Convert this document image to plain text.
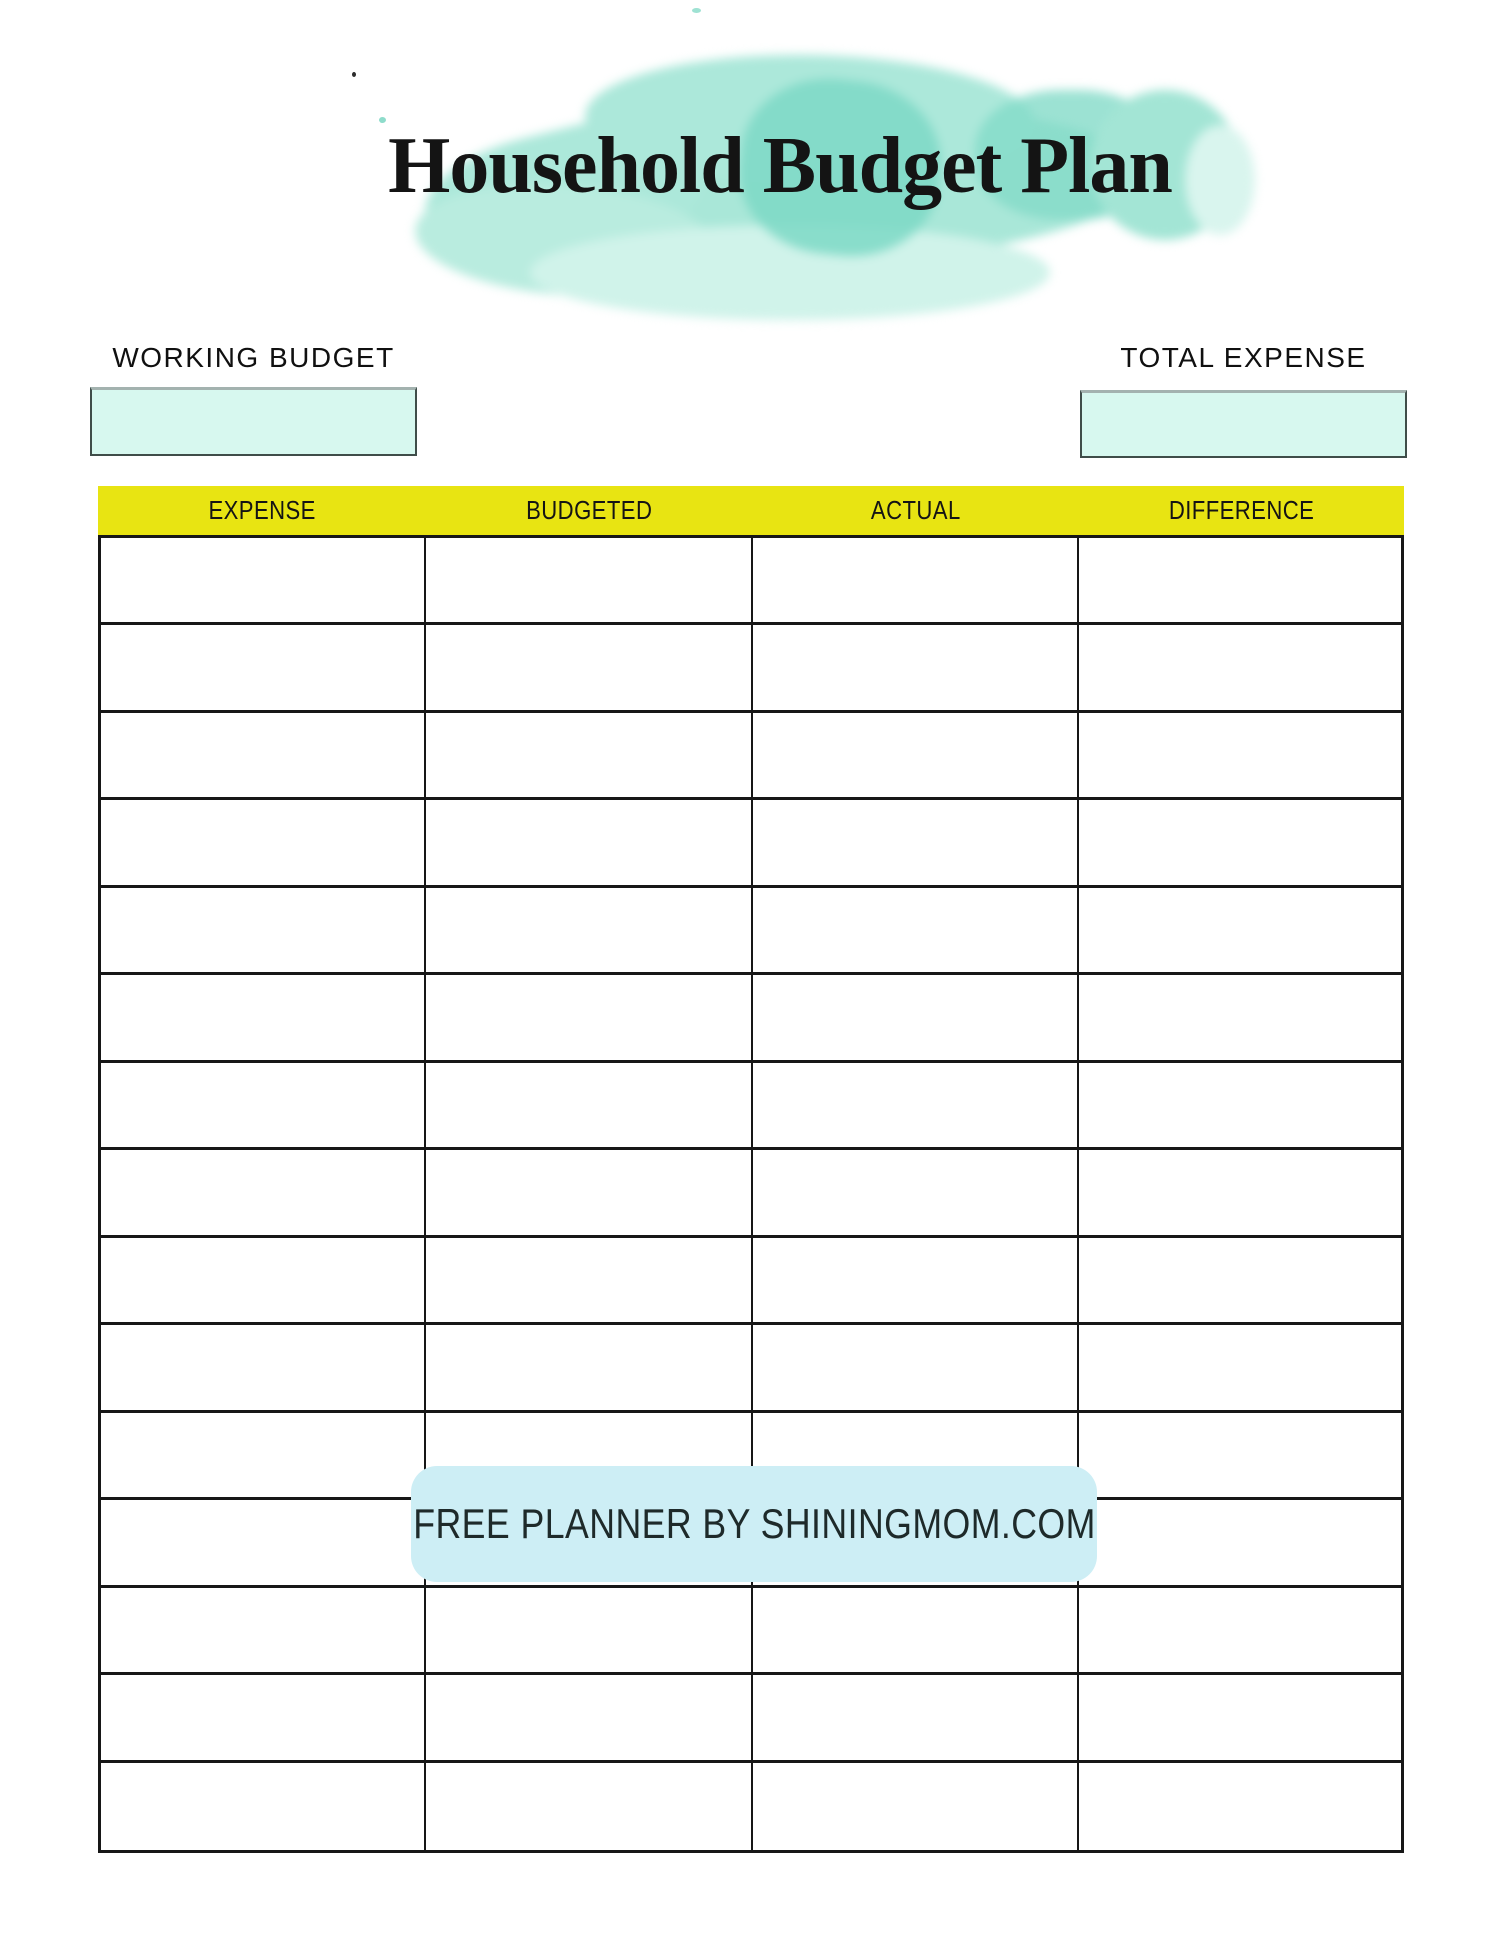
Household Budget Plan
WORKING BUDGET	TOTAL EXPENSE
EXPENSE	BUDGETED	ACTUAL	DIFFERENCE
FREE PLANNER BY SHININGMOM.COM
